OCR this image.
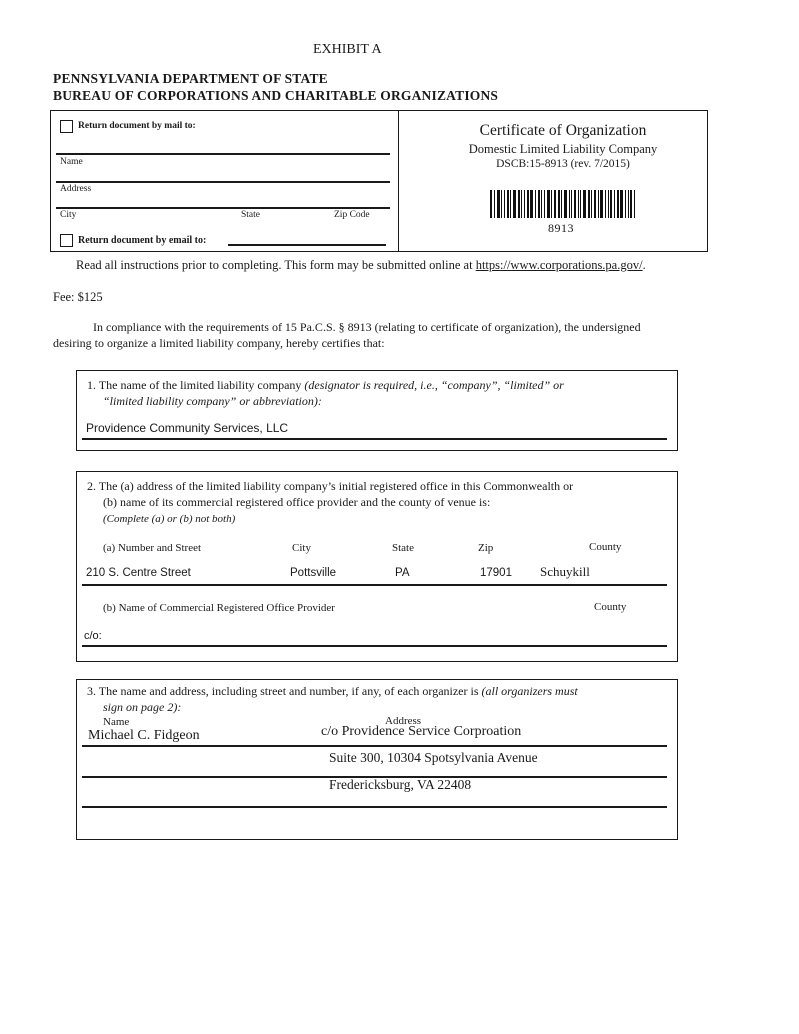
EXHIBIT A
PENNSYLVANIA DEPARTMENT OF STATE
BUREAU OF CORPORATIONS AND CHARITABLE ORGANIZATIONS
Return document by mail to:
Name
Address
City	State	Zip Code
Return document by email to:
Certificate of Organization
Domestic Limited Liability Company
DSCB:15-8913 (rev. 7/2015)
8913
Read all instructions prior to completing. This form may be submitted online at https://www.corporations.pa.gov/.
Fee: $125
In compliance with the requirements of 15 Pa.C.S. § 8913 (relating to certificate of organization), the undersigned
desiring to organize a limited liability company, hereby certifies that:
1. The name of the limited liability company (designator is required, i.e., “company”, “limited” or
“limited liability company” or abbreviation):
Providence Community Services, LLC
2. The (a) address of the limited liability company’s initial registered office in this Commonwealth or
(b) name of its commercial registered office provider and the county of venue is:
(Complete (a) or (b) not both)
(a) Number and Street	City	State	Zip	County
210 S. Centre Street	Pottsville	PA	17901 Schuykill
(b) Name of Commercial Registered Office Provider	County
c/o:
3. The name and address, including street and number, if any, of each organizer is (all organizers must
sign on page 2):
Name	Address
Michael C. Fidgeon	c/o Providence Service Corproation
Suite 300, 10304 Spotsylvania Avenue
Fredericksburg, VA 22408
